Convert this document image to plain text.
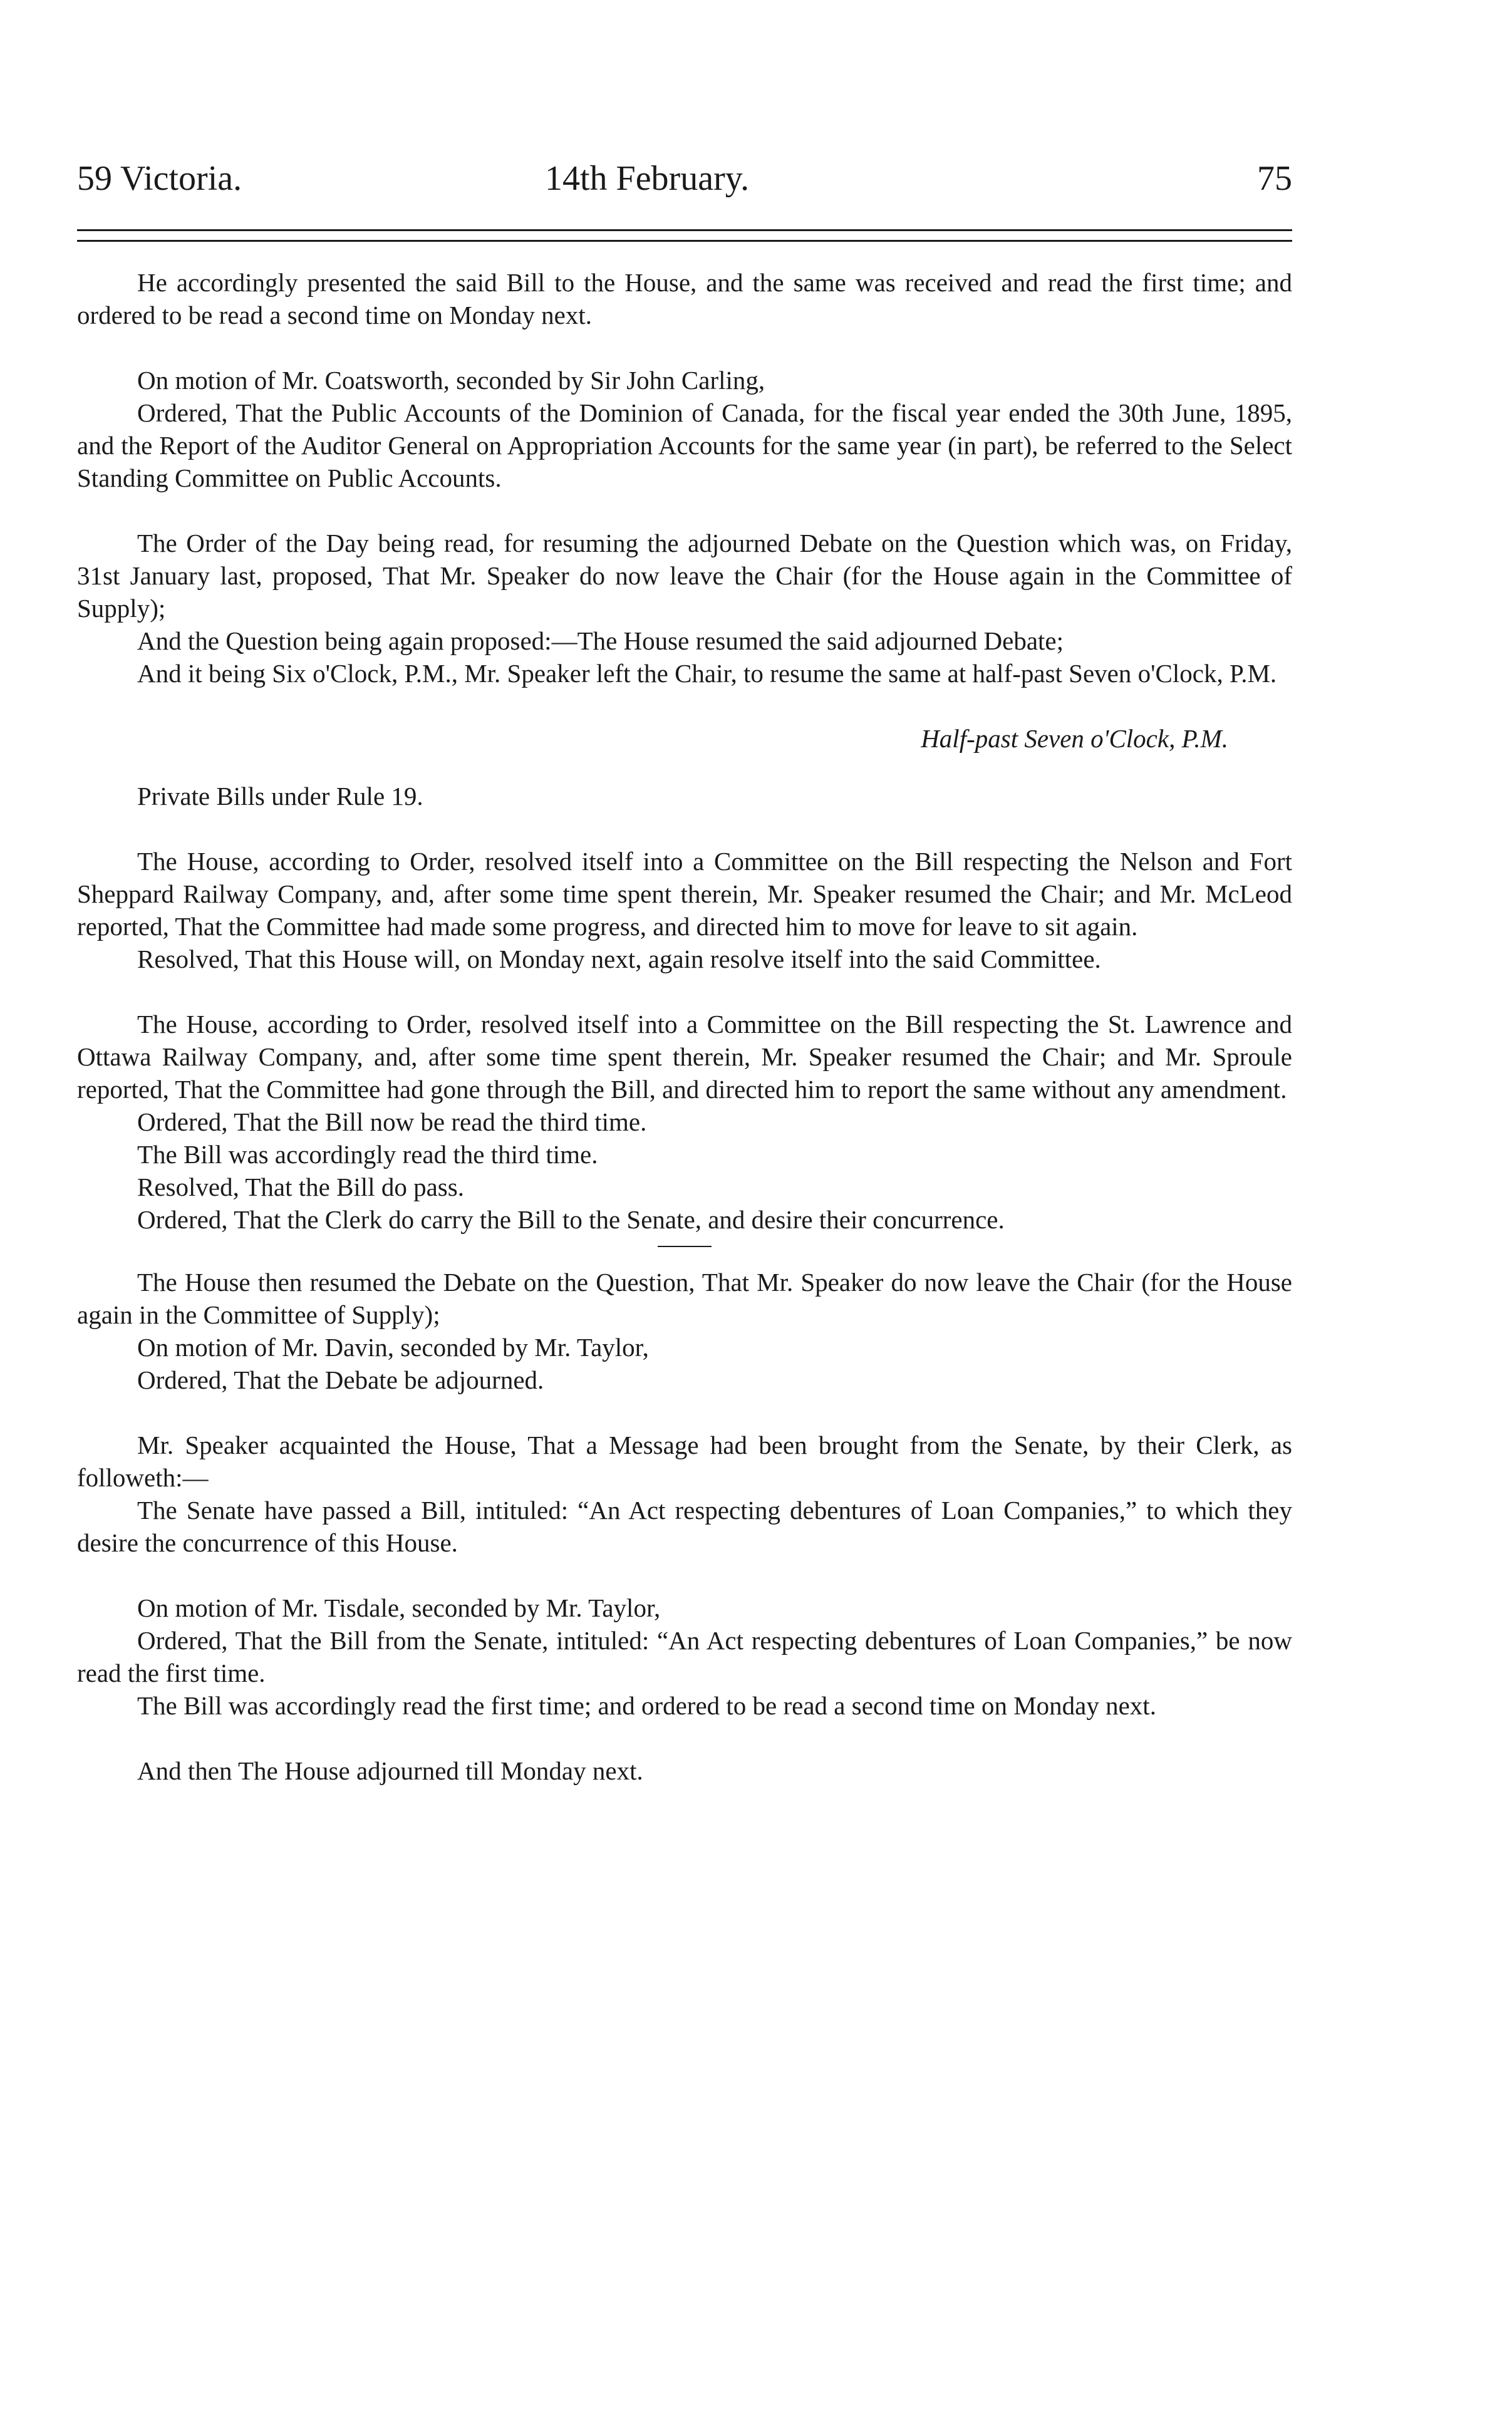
59 Victoria.	14th February.	75

He accordingly presented the said Bill to the House, and the same was received and read the first time; and ordered to be read a second time on Monday next.

On motion of Mr. Coatsworth, seconded by Sir John Carling,

Ordered, That the Public Accounts of the Dominion of Canada, for the fiscal year ended the 30th June, 1895, and the Report of the Auditor General on Appropriation Accounts for the same year (in part), be referred to the Select Standing Committee on Public Accounts.

The Order of the Day being read, for resuming the adjourned Debate on the Question which was, on Friday, 31st January last, proposed, That Mr. Speaker do now leave the Chair (for the House again in the Committee of Supply);

And the Question being again proposed:—The House resumed the said adjourned Debate;

And it being Six o'Clock, P.M., Mr. Speaker left the Chair, to resume the same at half-past Seven o'Clock, P.M.

Half-past Seven o'Clock, P.M.

Private Bills under Rule 19.

The House, according to Order, resolved itself into a Committee on the Bill respecting the Nelson and Fort Sheppard Railway Company, and, after some time spent therein, Mr. Speaker resumed the Chair; and Mr. McLeod reported, That the Committee had made some progress, and directed him to move for leave to sit again.

Resolved, That this House will, on Monday next, again resolve itself into the said Committee.

The House, according to Order, resolved itself into a Committee on the Bill respecting the St. Lawrence and Ottawa Railway Company, and, after some time spent therein, Mr. Speaker resumed the Chair; and Mr. Sproule reported, That the Committee had gone through the Bill, and directed him to report the same without any amendment.

Ordered, That the Bill now be read the third time.

The Bill was accordingly read the third time.

Resolved, That the Bill do pass.

Ordered, That the Clerk do carry the Bill to the Senate, and desire their concurrence.

The House then resumed the Debate on the Question, That Mr. Speaker do now leave the Chair (for the House again in the Committee of Supply);

On motion of Mr. Davin, seconded by Mr. Taylor,

Ordered, That the Debate be adjourned.

Mr. Speaker acquainted the House, That a Message had been brought from the Senate, by their Clerk, as followeth:—

The Senate have passed a Bill, intituled: “An Act respecting debentures of Loan Companies,” to which they desire the concurrence of this House.

On motion of Mr. Tisdale, seconded by Mr. Taylor,

Ordered, That the Bill from the Senate, intituled: “An Act respecting debentures of Loan Companies,” be now read the first time.

The Bill was accordingly read the first time; and ordered to be read a second time on Monday next.

And then The House adjourned till Monday next.
